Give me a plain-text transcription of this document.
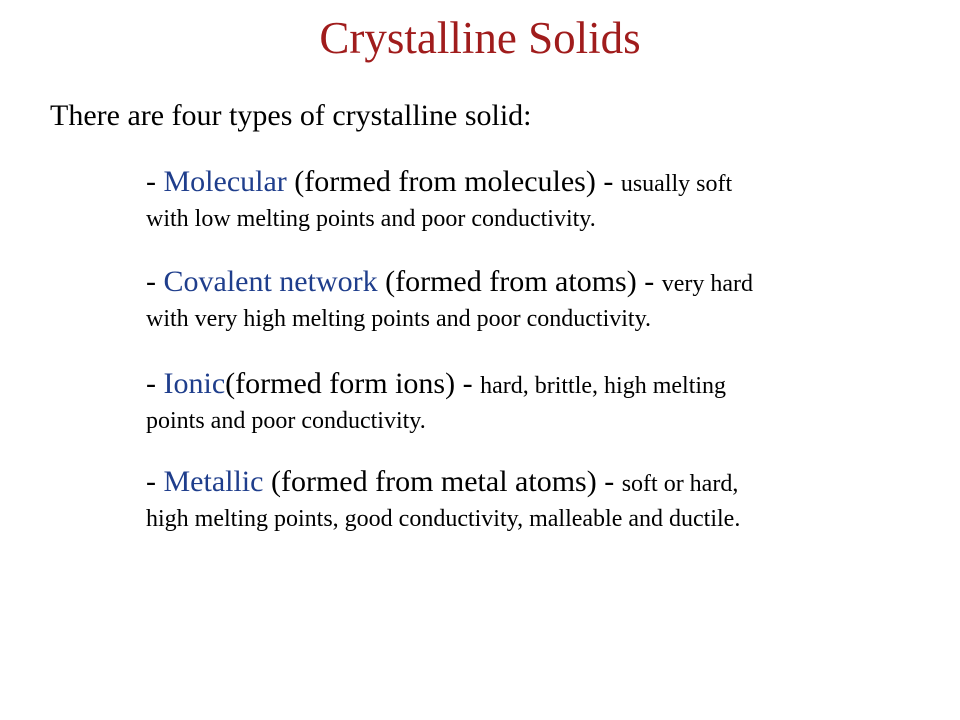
Crystalline Solids

There are four types of crystalline solid:

- Molecular (formed from molecules) - usually soft
with low melting points and poor conductivity.
- Covalent network (formed from atoms) - very hard
with very high melting points and poor conductivity.
- Ionic(formed form ions) - hard, brittle, high melting
points and poor conductivity.
- Metallic (formed from metal atoms) - soft or hard,
high melting points, good conductivity, malleable and ductile.
